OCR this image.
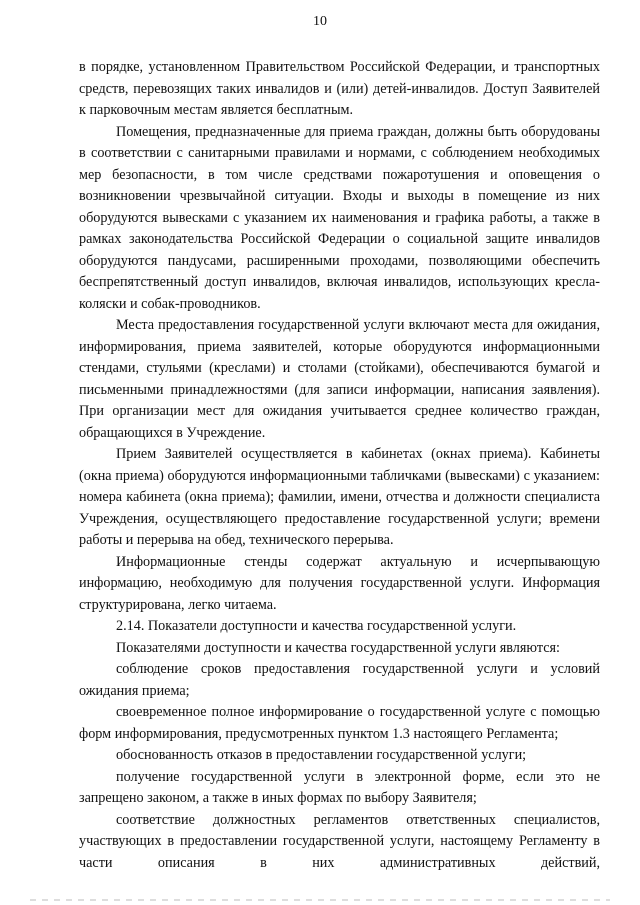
10

в порядке, установленном Правительством Российской Федерации, и транспортных средств, перевозящих таких инвалидов и (или) детей-инвалидов. Доступ Заявителей к парковочным местам является бесплатным.

Помещения, предназначенные для приема граждан, должны быть оборудованы в соответствии с санитарными правилами и нормами, с соблюдением необходимых мер безопасности, в том числе средствами пожаротушения и оповещения о возникновении чрезвычайной ситуации. Входы и выходы в помещение из них оборудуются вывесками с указанием их наименования и графика работы, а также в рамках законодательства Российской Федерации о социальной защите инвалидов оборудуются пандусами, расширенными проходами, позволяющими обеспечить беспрепятственный доступ инвалидов, включая инвалидов, использующих кресла-коляски и собак-проводников.

Места предоставления государственной услуги включают места для ожидания, информирования, приема заявителей, которые оборудуются информационными стендами, стульями (креслами) и столами (стойками), обеспечиваются бумагой и письменными принадлежностями (для записи информации, написания заявления). При организации мест для ожидания учитывается среднее количество граждан, обращающихся в Учреждение.

Прием Заявителей осуществляется в кабинетах (окнах приема). Кабинеты (окна приема) оборудуются информационными табличками (вывесками) с указанием: номера кабинета (окна приема); фамилии, имени, отчества и должности специалиста Учреждения, осуществляющего предоставление государственной услуги; времени работы и перерыва на обед, технического перерыва.

Информационные стенды содержат актуальную и исчерпывающую информацию, необходимую для получения государственной услуги. Информация структурирована, легко читаема.

2.14. Показатели доступности и качества государственной услуги.

Показателями доступности и качества государственной услуги являются:

соблюдение сроков предоставления государственной услуги и условий ожидания приема;

своевременное полное информирование о государственной услуге с помощью форм информирования, предусмотренных пунктом 1.3 настоящего Регламента;

обоснованность отказов в предоставлении государственной услуги;

получение государственной услуги в электронной форме, если это не запрещено законом, а также в иных формах по выбору Заявителя;

соответствие должностных регламентов ответственных специалистов, участвующих в предоставлении государственной услуги, настоящему Регламенту в части описания в них административных действий,
